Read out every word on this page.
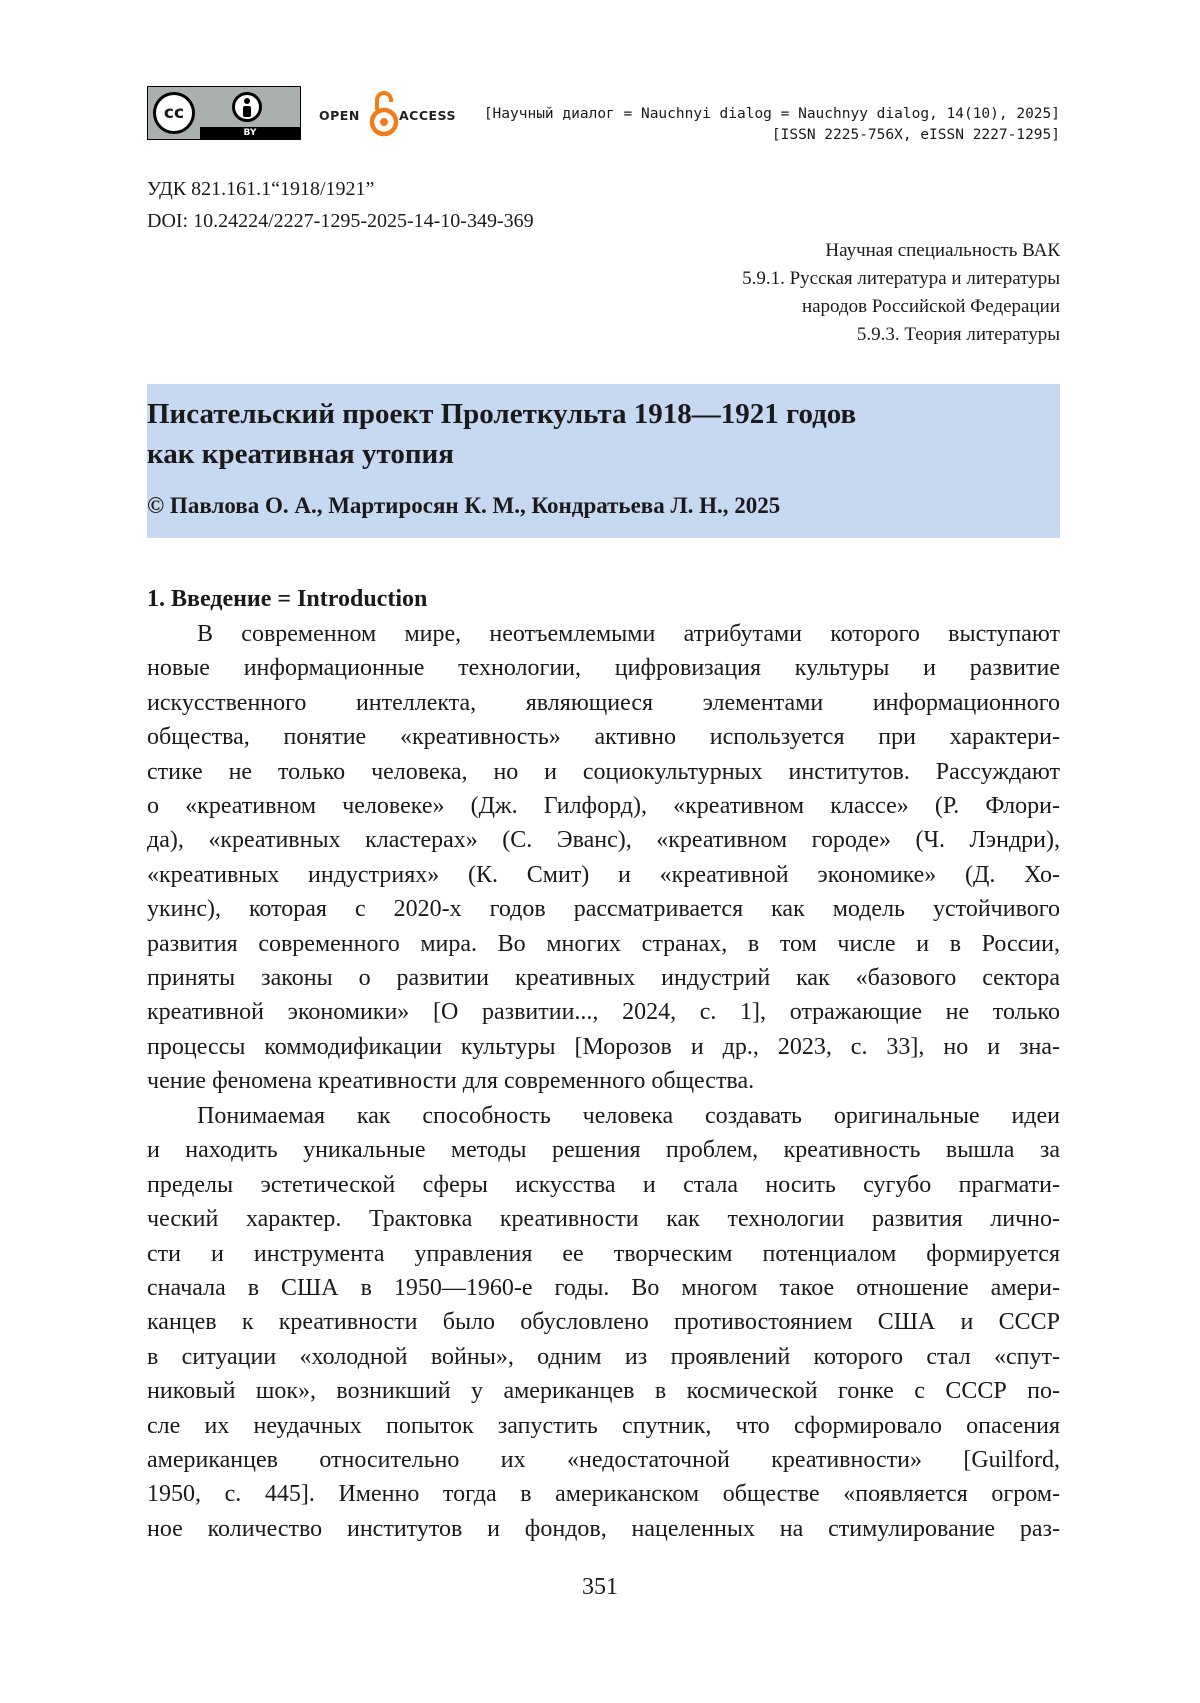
cc
BY
OPEN	ACCESS [Научный диалог = Nauchnyi dialog = Nauchnyy dialog, 14(10), 2025]
[ISSN 2225-756X, eISSN 2227-1295]
УДК 821.161.1“1918/1921”
DOI: 10.24224/2227-1295-2025-14-10-349-369
Научная специальность ВАК
5.9.1. Русская литература и литературы
народов Российской Федерации
5.9.3. Теория литературы
Писательский проект Пролеткульта 1918—1921 годов
как креативная утопия
© Павлова О. А., Мартиросян К. М., Кондратьева Л. Н., 2025
1. Введение = Introduction
В современном мире, неотъемлемыми атрибутами которого выступают
новые информационные технологии, цифровизация культуры и развитие
искусственного интеллекта, являющиеся элементами информационного
общества, понятие «креативность» активно используется при характери-
стике не только человека, но и социокультурных институтов. Рассуждают
о «креативном человеке» (Дж. Гилфорд), «креативном классе» (Р. Флори-
да), «креативных кластерах» (С. Эванс), «креативном городе» (Ч. Лэндри),
«креативных индустриях» (К. Смит) и «креативной экономике» (Д. Хо-
укинс), которая с 2020-х годов рассматривается как модель устойчивого
развития современного мира. Во многих странах, в том числе и в России,
приняты законы о развитии креативных индустрий как «базового сектора
креативной экономики» [О развитии..., 2024, с. 1], отражающие не только
процессы коммодификации культуры [Морозов и др., 2023, с. 33], но и зна-
чение феномена креативности для современного общества.
Понимаемая как способность человека создавать оригинальные идеи
и находить уникальные методы решения проблем, креативность вышла за
пределы эстетической сферы искусства и стала носить сугубо прагмати-
ческий характер. Трактовка креативности как технологии развития лично-
сти и инструмента управления ее творческим потенциалом формируется
сначала в США в 1950—1960-е годы. Во многом такое отношение амери-
канцев к креативности было обусловлено противостоянием США и СССР
в ситуации «холодной войны», одним из проявлений которого стал «спут-
никовый шок», возникший у американцев в космической гонке с СССР по-
сле их неудачных попыток запустить спутник, что сформировало опасения
американцев относительно их «недостаточной креативности» [Guilford,
1950, с. 445]. Именно тогда в американском обществе «появляется огром-
ное количество институтов и фондов, нацеленных на стимулирование раз-
351
